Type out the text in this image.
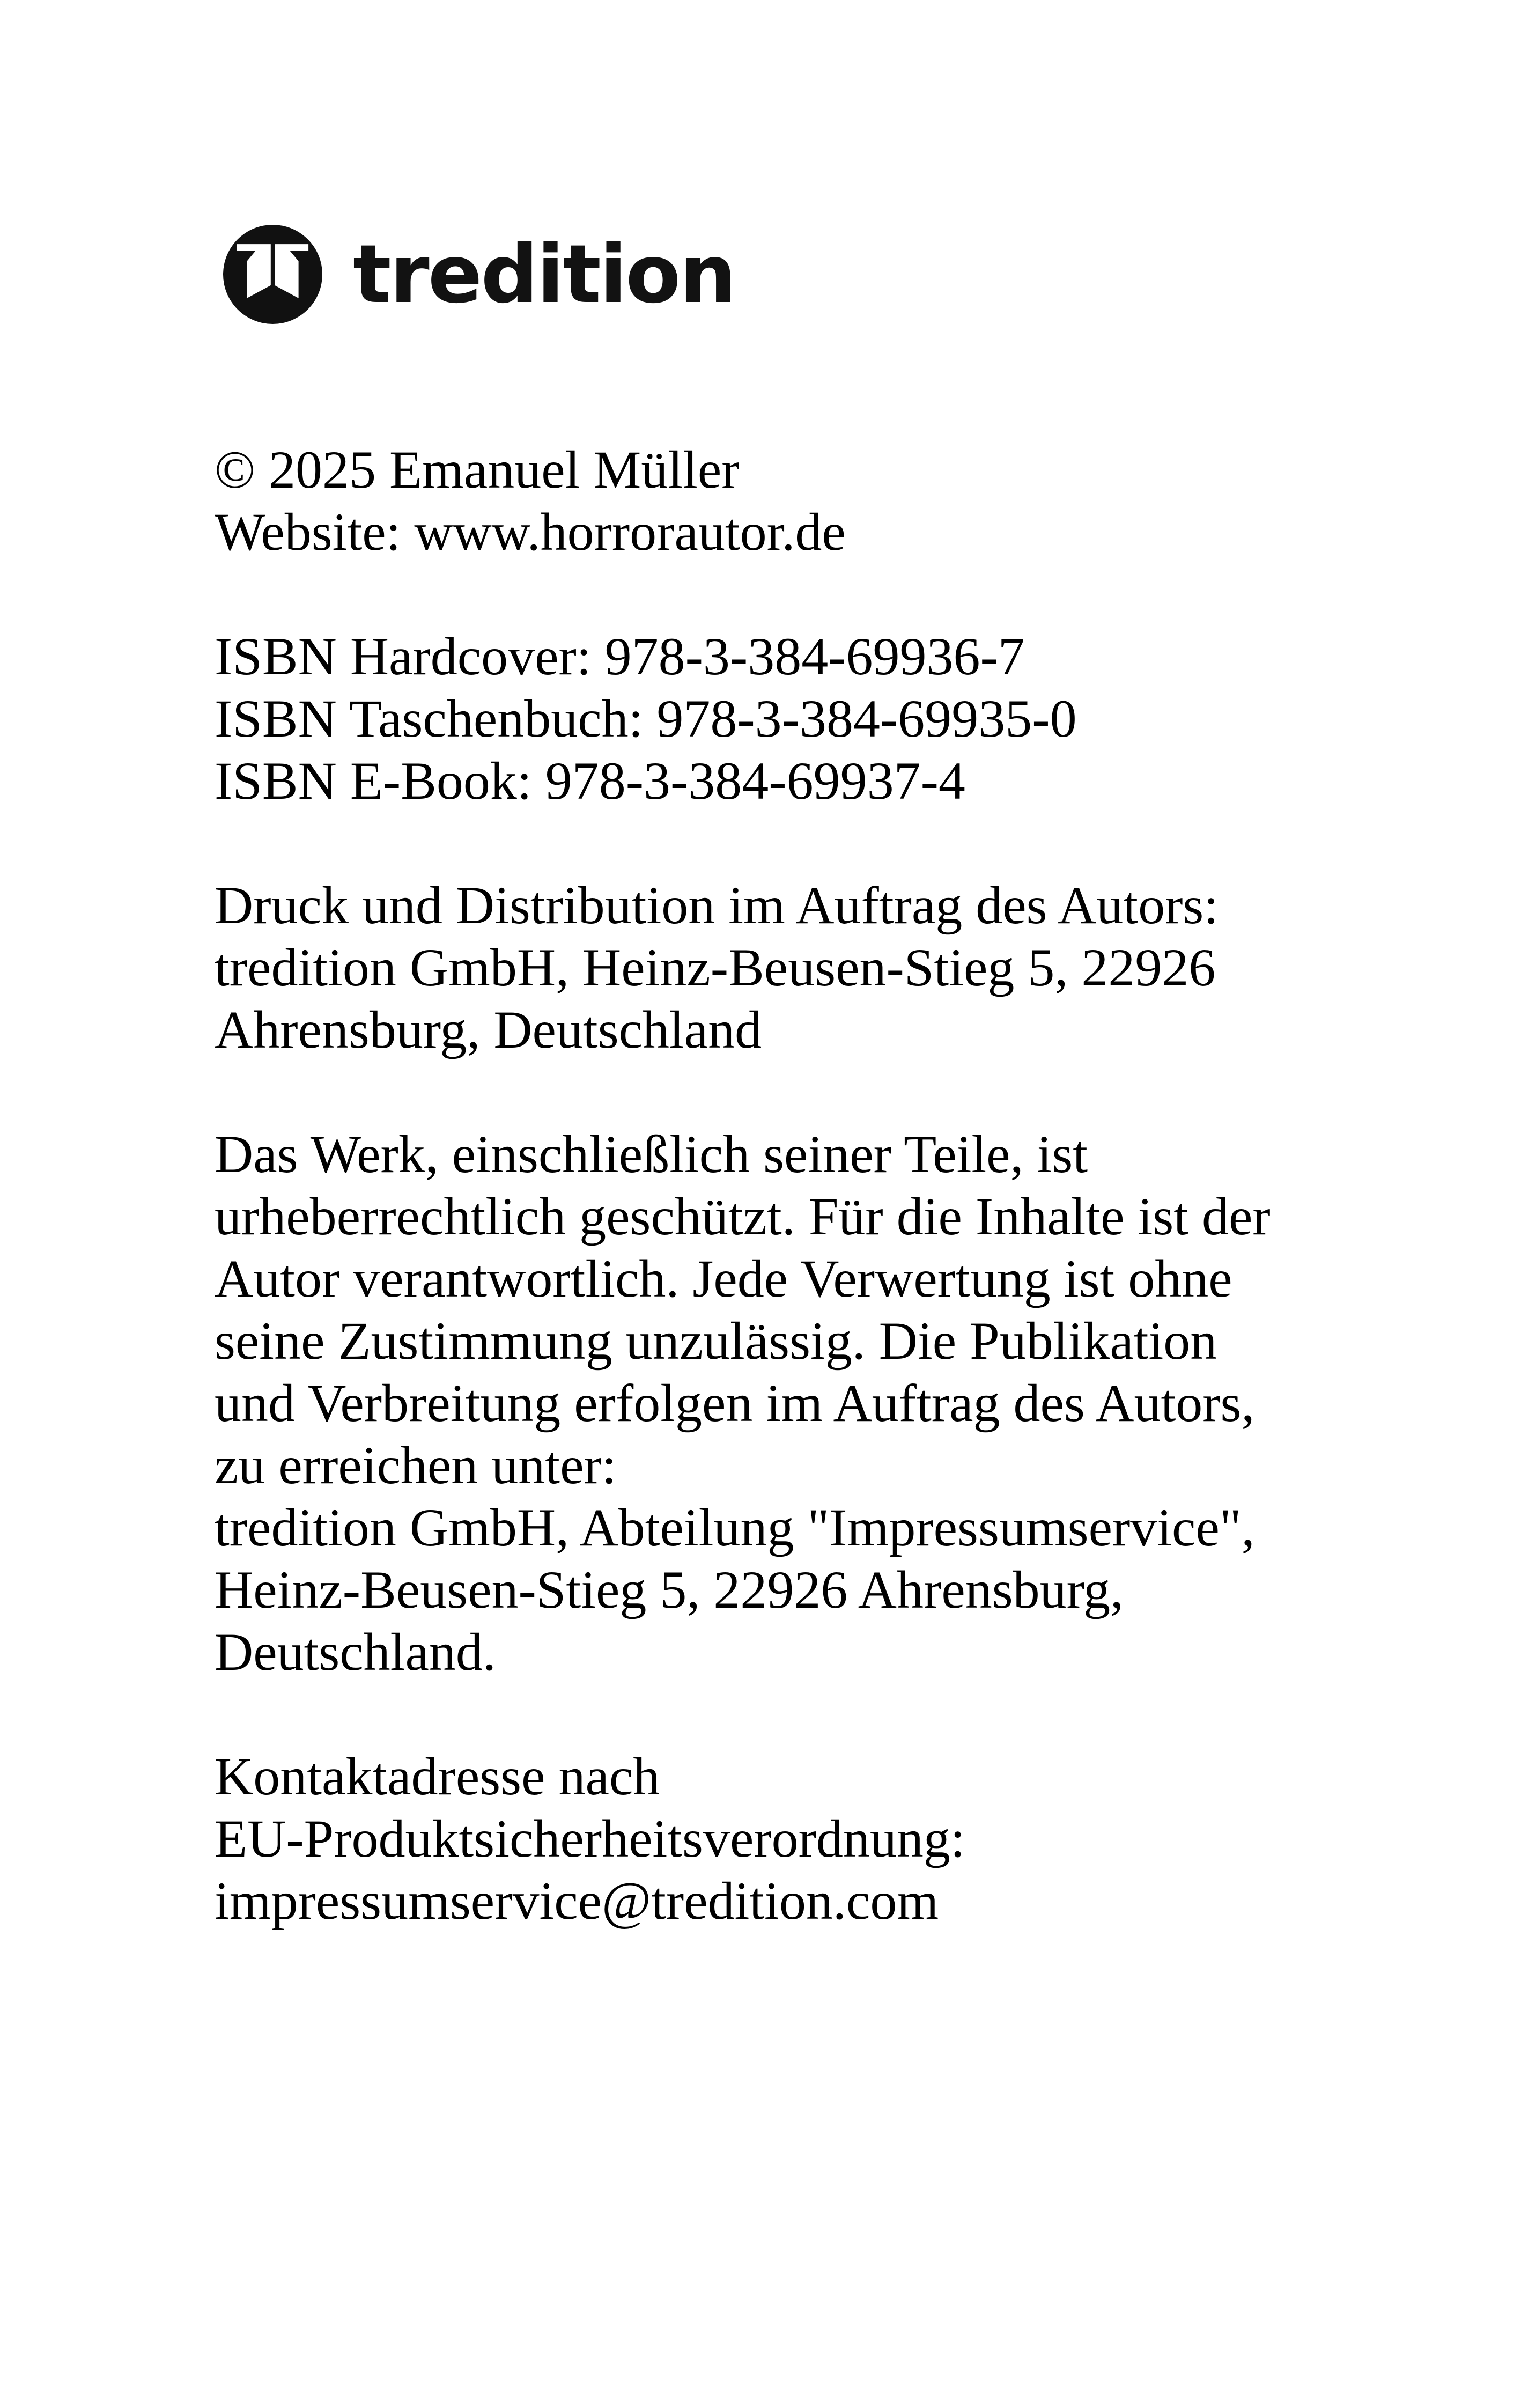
tredition
© 2025 Emanuel Müller
Website: www.horrorautor.de
ISBN Hardcover: 978-3-384-69936-7
ISBN Taschenbuch: 978-3-384-69935-0
ISBN E-Book: 978-3-384-69937-4
Druck und Distribution im Auftrag des Autors:
tredition GmbH, Heinz-Beusen-Stieg 5, 22926
Ahrensburg, Deutschland
Das Werk, einschließlich seiner Teile, ist
urheberrechtlich geschützt. Für die Inhalte ist der
Autor verantwortlich. Jede Verwertung ist ohne
seine Zustimmung unzulässig. Die Publikation
und Verbreitung erfolgen im Auftrag des Autors,
zu erreichen unter:
tredition GmbH, Abteilung "Impressumservice",
Heinz-Beusen-Stieg 5, 22926 Ahrensburg,
Deutschland.
Kontaktadresse nach
EU-Produktsicherheitsverordnung:
impressumservice@tredition.com
